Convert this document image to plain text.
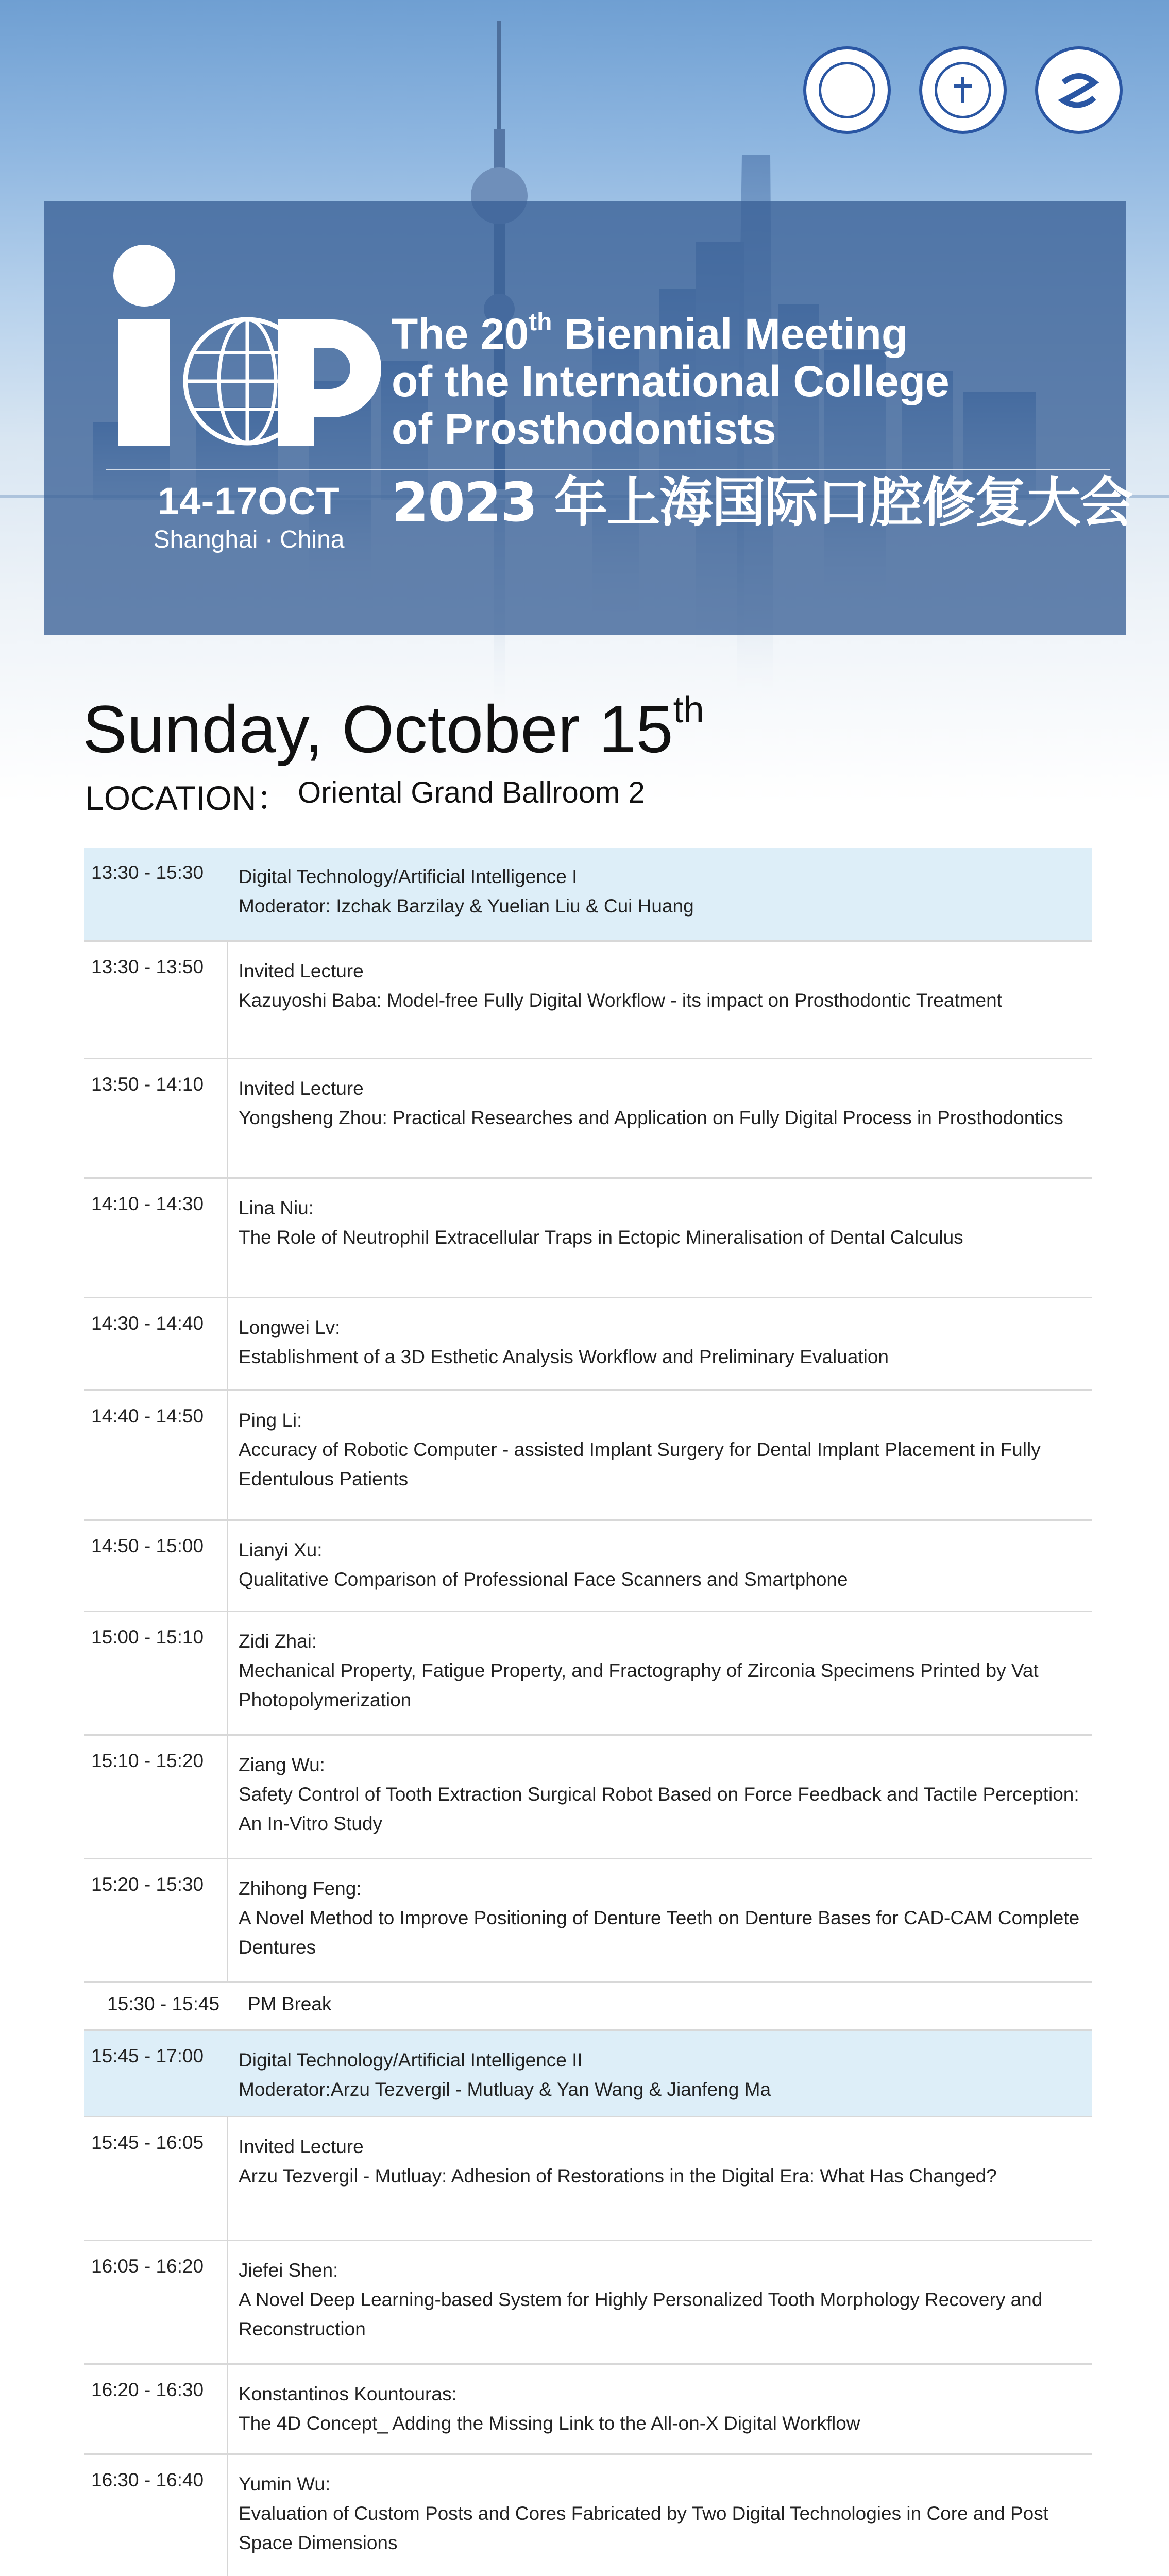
14-17OCT
Shanghai · China
The 20th Biennial Meeting
of the International College
of Prosthodontists
2023 年上海国际口腔修复大会
Sunday, October 15th
LOCATION： Oriental Grand Ballroom 2
13:30 - 15:30	Digital Technology/Artificial Intelligence I
Moderator: Izchak Barzilay & Yuelian Liu & Cui Huang
13:30 - 13:50	Invited Lecture
Kazuyoshi Baba: Model-free Fully Digital Workflow - its impact on Prosthodontic Treatment
13:50 - 14:10	Invited Lecture
Yongsheng Zhou: Practical Researches and Application on Fully Digital Process in Prosthodontics
14:10 - 14:30	Lina Niu:
The Role of Neutrophil Extracellular Traps in Ectopic Mineralisation of Dental Calculus
14:30 - 14:40	Longwei Lv:
Establishment of a 3D Esthetic Analysis Workflow and Preliminary Evaluation
14:40 - 14:50	Ping Li:
Accuracy of Robotic Computer - assisted Implant Surgery for Dental Implant Placement in Fully Edentulous Patients
14:50 - 15:00	Lianyi Xu:
Qualitative Comparison of Professional Face Scanners and Smartphone
15:00 - 15:10	Zidi Zhai:
Mechanical Property, Fatigue Property, and Fractography of Zirconia Specimens Printed by Vat Photopolymerization
15:10 - 15:20	Ziang Wu:
Safety Control of Tooth Extraction Surgical Robot Based on Force Feedback and Tactile Perception: An In-Vitro Study
15:20 - 15:30	Zhihong Feng:
A Novel Method to Improve Positioning of Denture Teeth on Denture Bases for CAD-CAM Complete Dentures
15:30 - 15:45	PM Break
15:45 - 17:00	Digital Technology/Artificial Intelligence II
Moderator:Arzu Tezvergil - Mutluay & Yan Wang & Jianfeng Ma
15:45 - 16:05	Invited Lecture
Arzu Tezvergil - Mutluay: Adhesion of Restorations in the Digital Era: What Has Changed?
16:05 - 16:20	Jiefei Shen:
A Novel Deep Learning-based System for Highly Personalized Tooth Morphology Recovery and Reconstruction
16:20 - 16:30	Konstantinos Kountouras:
The 4D Concept_ Adding the Missing Link to the All-on-X Digital Workflow
16:30 - 16:40	Yumin Wu:
Evaluation of Custom Posts and Cores Fabricated by Two Digital Technologies in Core and Post Space Dimensions
